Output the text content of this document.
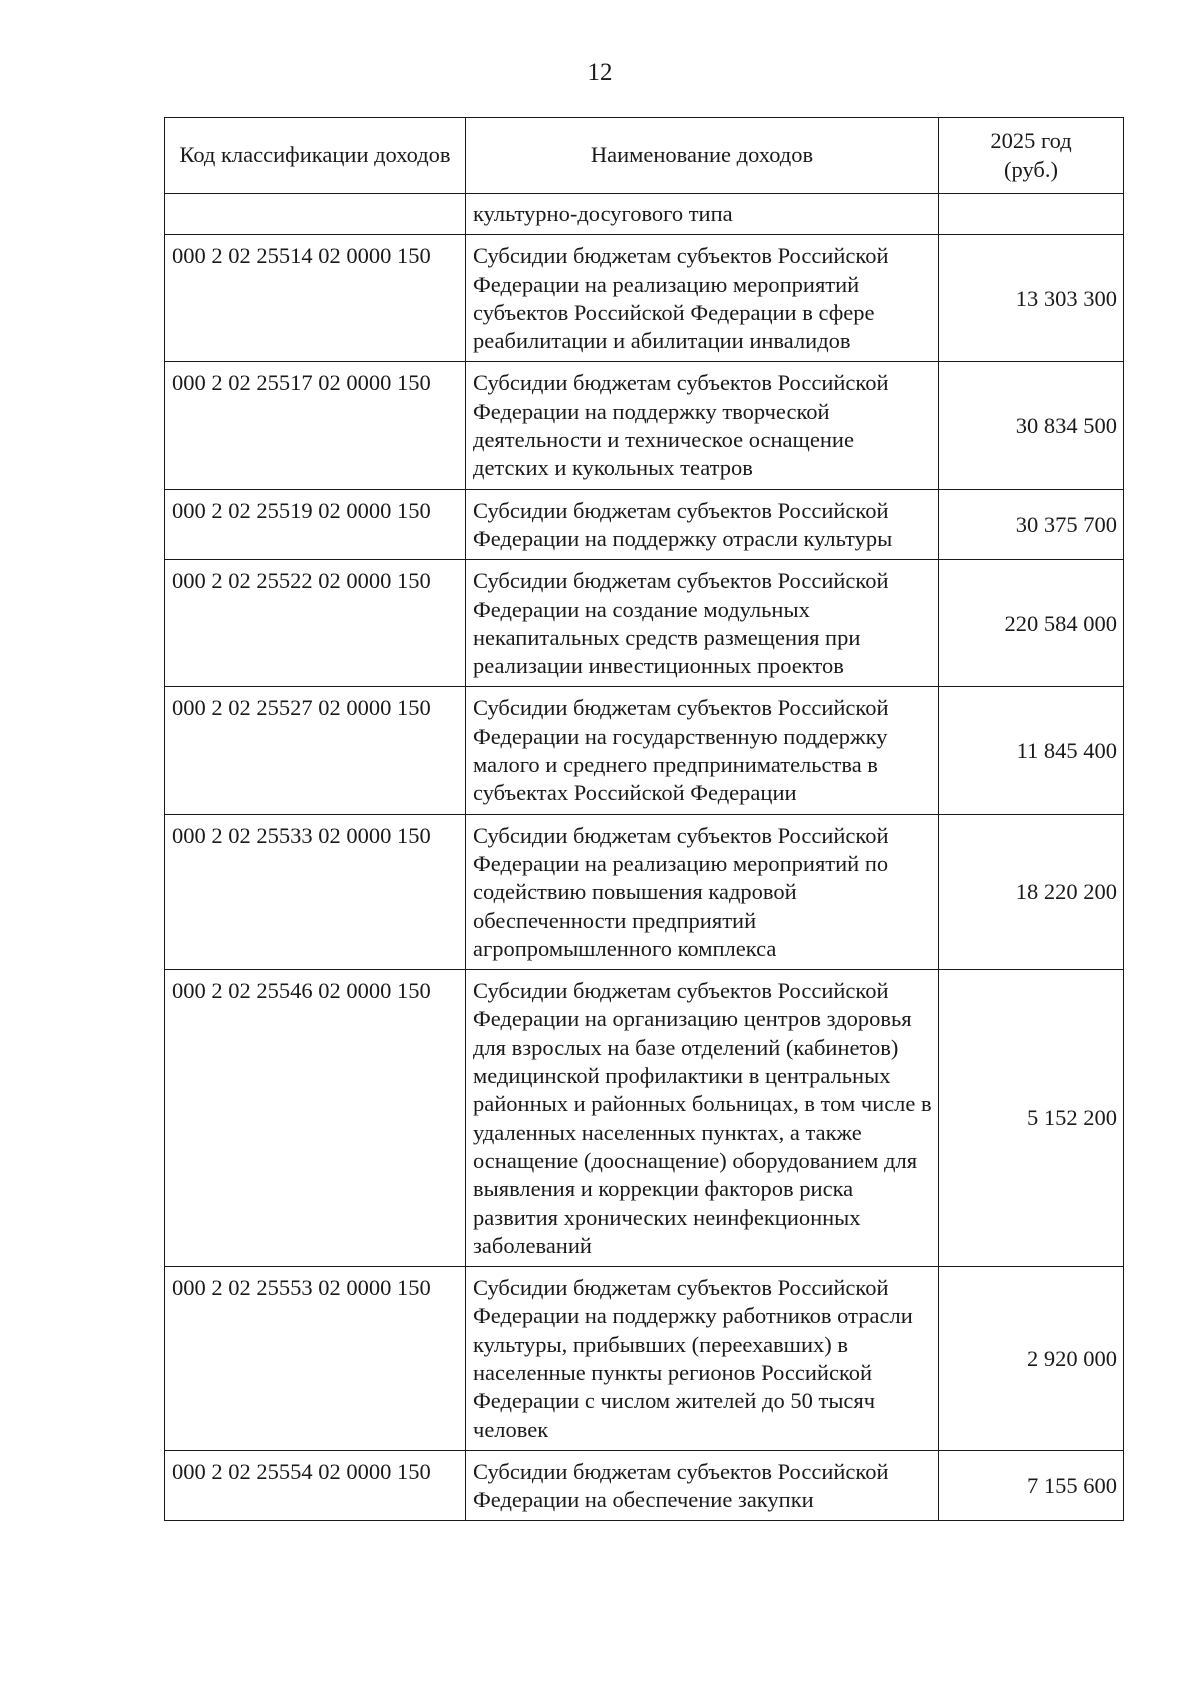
12
Код классификации доходов	Наименование доходов	2025 год (руб.)
	культурно-досугового типа	
000 2 02 25514 02 0000 150	Субсидии бюджетам субъектов Российской Федерации на реализацию мероприятий субъектов Российской Федерации в сфере реабилитации и абилитации инвалидов	13 303 300
000 2 02 25517 02 0000 150	Субсидии бюджетам субъектов Российской Федерации на поддержку творческой деятельности и техническое оснащение детских и кукольных театров	30 834 500
000 2 02 25519 02 0000 150	Субсидии бюджетам субъектов Российской Федерации на поддержку отрасли культуры	30 375 700
000 2 02 25522 02 0000 150	Субсидии бюджетам субъектов Российской Федерации на создание модульных некапитальных средств размещения при реализации инвестиционных проектов	220 584 000
000 2 02 25527 02 0000 150	Субсидии бюджетам субъектов Российской Федерации на государственную поддержку малого и среднего предпринимательства в субъектах Российской Федерации	11 845 400
000 2 02 25533 02 0000 150	Субсидии бюджетам субъектов Российской Федерации на реализацию мероприятий по содействию повышения кадровой обеспеченности предприятий агропромышленного комплекса	18 220 200
000 2 02 25546 02 0000 150	Субсидии бюджетам субъектов Российской Федерации на организацию центров здоровья для взрослых на базе отделений (кабинетов) медицинской профилактики в центральных районных и районных больницах, в том числе в удаленных населенных пунктах, а также оснащение (дооснащение) оборудованием для выявления и коррекции факторов риска развития хронических неинфекционных заболеваний	5 152 200
000 2 02 25553 02 0000 150	Субсидии бюджетам субъектов Российской Федерации на поддержку работников отрасли культуры, прибывших (переехавших) в населенные пункты регионов Российской Федерации с числом жителей до 50 тысяч человек	2 920 000
000 2 02 25554 02 0000 150	Субсидии бюджетам субъектов Российской Федерации на обеспечение закупки	7 155 600
